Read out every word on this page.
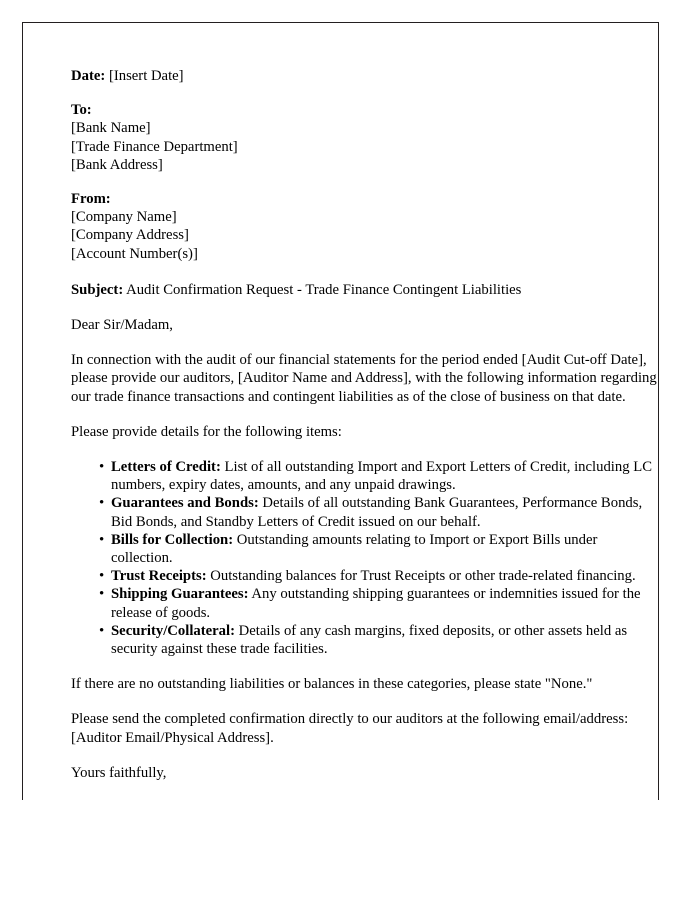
Date: [Insert Date]
To:
[Bank Name]
[Trade Finance Department]
[Bank Address]
From:
[Company Name]
[Company Address]
[Account Number(s)]

Subject: Audit Confirmation Request - Trade Finance Contingent Liabilities

Dear Sir/Madam,

In connection with the audit of our financial statements for the period ended [Audit Cut-off Date], please provide our auditors, [Auditor Name and Address], with the following information regarding our trade finance transactions and contingent liabilities as of the close of business on that date.

Please provide details for the following items:

• Letters of Credit: List of all outstanding Import and Export Letters of Credit, including LC numbers, expiry dates, amounts, and any unpaid drawings.
• Guarantees and Bonds: Details of all outstanding Bank Guarantees, Performance Bonds, Bid Bonds, and Standby Letters of Credit issued on our behalf.
• Bills for Collection: Outstanding amounts relating to Import or Export Bills under collection.
• Trust Receipts: Outstanding balances for Trust Receipts or other trade-related financing.
• Shipping Guarantees: Any outstanding shipping guarantees or indemnities issued for the release of goods.
• Security/Collateral: Details of any cash margins, fixed deposits, or other assets held as security against these trade facilities.

If there are no outstanding liabilities or balances in these categories, please state "None."

Please send the completed confirmation directly to our auditors at the following email/address: [Auditor Email/Physical Address].

Yours faithfully,
